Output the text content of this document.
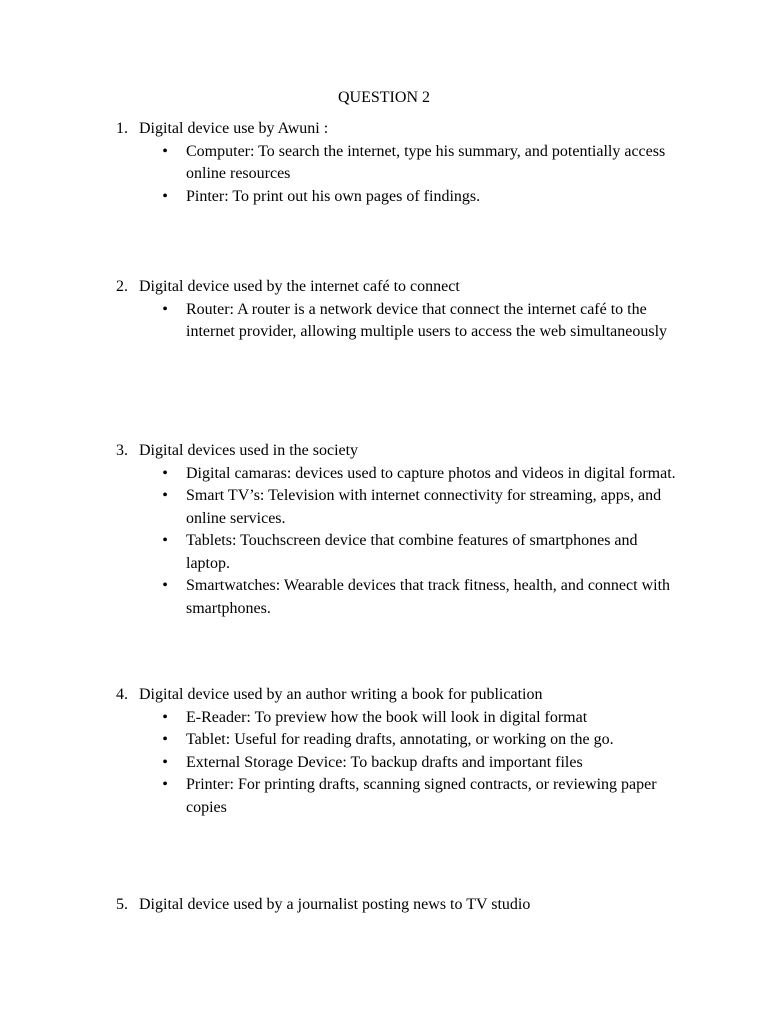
QUESTION 2
1. Digital device use by Awuni :
• Computer: To search the internet, type his summary, and potentially access online resources
• Pinter: To print out his own pages of findings.
2. Digital device used by the internet café to connect
• Router: A router is a network device that connect the internet café to the internet provider, allowing multiple users to access the web simultaneously
3. Digital devices used in the society
• Digital camaras: devices used to capture photos and videos in digital format.
• Smart TV’s: Television with internet connectivity for streaming, apps, and online services.
• Tablets: Touchscreen device that combine features of smartphones and laptop.
• Smartwatches: Wearable devices that track fitness, health, and connect with smartphones.
4. Digital device used by an author writing a book for publication
• E-Reader: To preview how the book will look in digital format
• Tablet: Useful for reading drafts, annotating, or working on the go.
• External Storage Device: To backup drafts and important files
• Printer: For printing drafts, scanning signed contracts, or reviewing paper copies
5. Digital device used by a journalist posting news to TV studio
